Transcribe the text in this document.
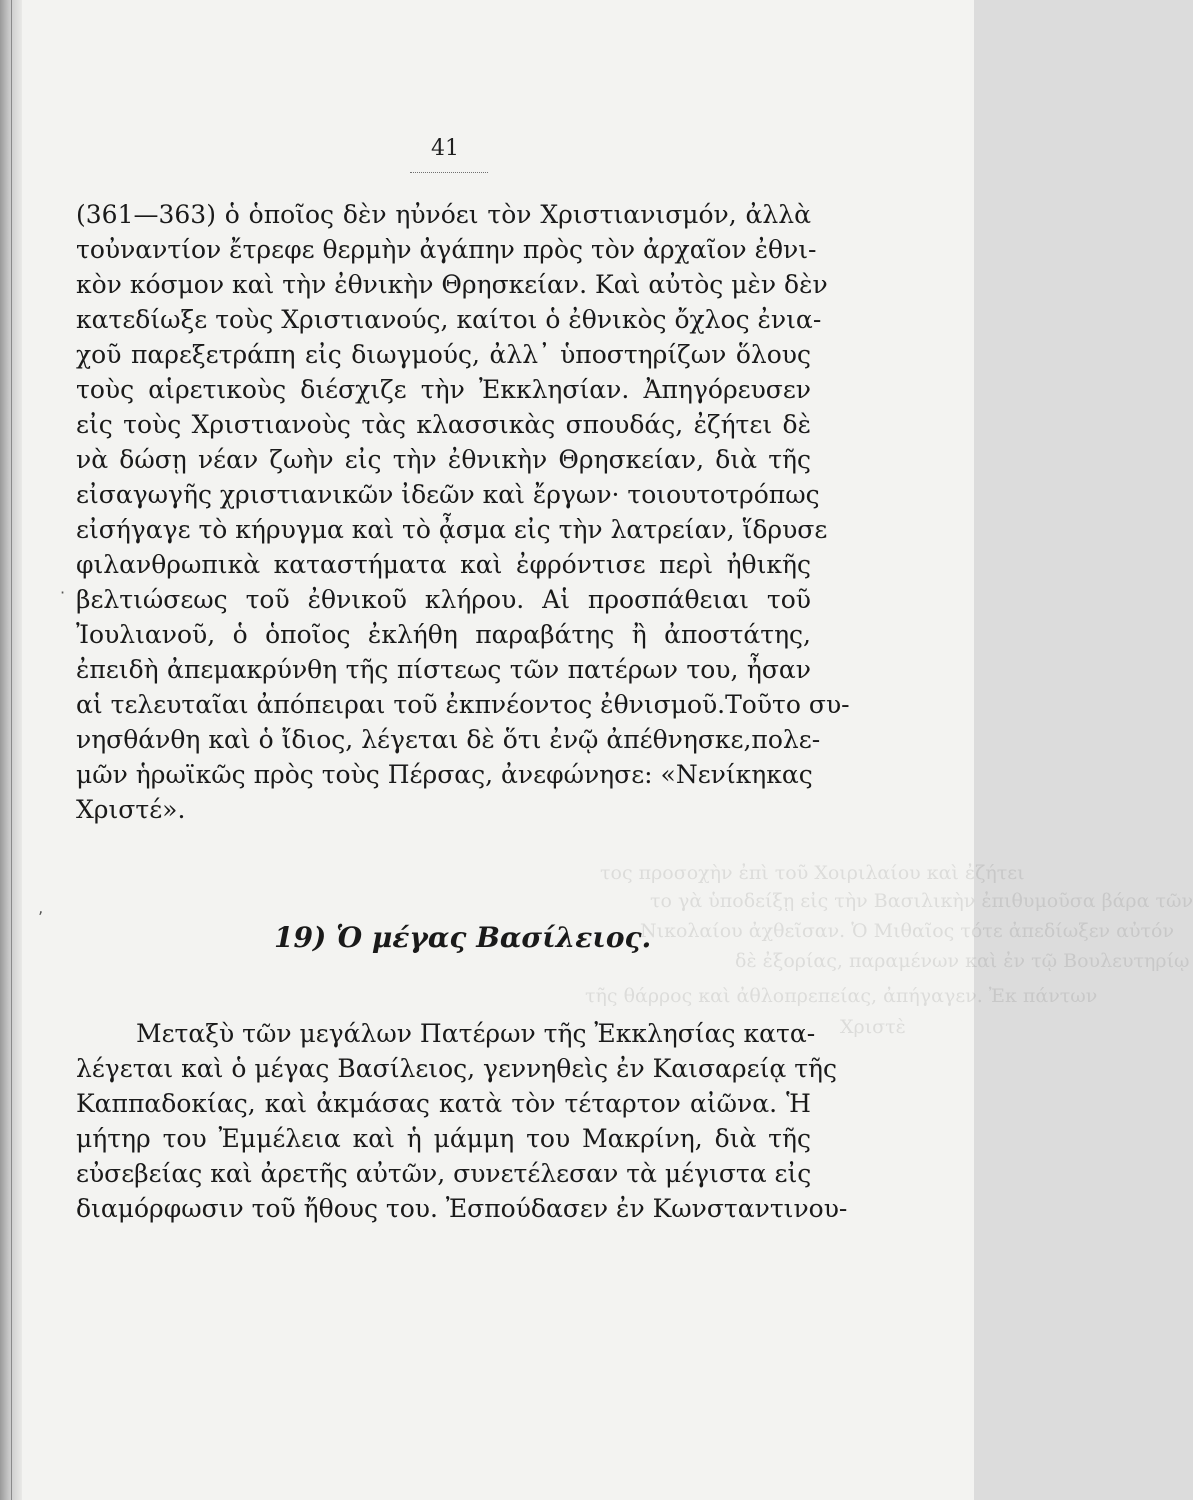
τος προσοχὴν ἐπὶ τοῦ Χοιριλαίου καὶ ἐζήτει
το γὰ ὑποδείξῃ εἰς τὴν Βασιλικὴν ἐπιθυμοῦσα βάρα τῶν
Νικολαίου ἀχθεῖσαν. Ὁ Μιθαῖος τότε ἀπεδίωξεν αὐτόν
δὲ ἐξορίας, παραμένων καὶ ἐν τῷ Βουλευτηρίῳ
τῆς θάρρος καὶ ἀθλοπρεπείας, ἀπήγαγεν. Ἐκ πάντων
Χριστὲ
41
·
ʼ
(361—363) ὁ ὁποῖος δὲν ηὐνόει τὸν Χριστιανισμόν, ἀλλὰ
τοὐναντίον ἔτρεφε θερμὴν ἀγάπην πρὸς τὸν ἀρχαῖον ἐθνι-
κὸν κόσμον καὶ τὴν ἐθνικὴν Θρησκείαν. Καὶ αὐτὸς μὲν δὲν
κατεδίωξε τοὺς Χριστιανούς, καίτοι ὁ ἐθνικὸς ὄχλος ἐνια-
χοῦ παρεξετράπη εἰς διωγμούς, ἀλλ᾽ ὑποστηρίζων ὅλους
τοὺς αἱρετικοὺς διέσχιζε τὴν Ἐκκλησίαν. Ἀπηγόρευσεν
εἰς τοὺς Χριστιανοὺς τὰς κλασσικὰς σπουδάς, ἐζήτει δὲ
νὰ δώσῃ νέαν ζωὴν εἰς τὴν ἐθνικὴν Θρησκείαν, διὰ τῆς
εἰσαγωγῆς χριστιανικῶν ἰδεῶν καὶ ἔργων· τοιουτοτρόπως
εἰσήγαγε τὸ κήρυγμα καὶ τὸ ᾆσμα εἰς τὴν λατρείαν, ἵδρυσε
φιλανθρωπικὰ καταστήματα καὶ ἐφρόντισε περὶ ἠθικῆς
βελτιώσεως τοῦ ἐθνικοῦ κλήρου. Αἱ προσπάθειαι τοῦ
Ἰουλιανοῦ, ὁ ὁποῖος ἐκλήθη παραβάτης ἢ ἀποστάτης,
ἐπειδὴ ἀπεμακρύνθη τῆς πίστεως τῶν πατέρων του, ἦσαν
αἱ τελευταῖαι ἀπόπειραι τοῦ ἐκπνέοντος ἐθνισμοῦ.Τοῦτο συ-
νησθάνθη καὶ ὁ ἴδιος, λέγεται δὲ ὅτι ἐνῷ ἀπέθνησκε,πολε-
μῶν ἡρωϊκῶς πρὸς τοὺς Πέρσας, ἀνεφώνησε: «Νενίκηκας
Χριστέ».
19) Ὁ μέγας Βασίλειος.
Μεταξὺ τῶν μεγάλων Πατέρων τῆς Ἐκκλησίας κατα-
λέγεται καὶ ὁ μέγας Βασίλειος, γεννηθεὶς ἐν Καισαρείᾳ τῆς
Καππαδοκίας, καὶ ἀκμάσας κατὰ τὸν τέταρτον αἰῶνα. Ἡ
μήτηρ του Ἐμμέλεια καὶ ἡ μάμμη του Μακρίνη, διὰ τῆς
εὐσεβείας καὶ ἀρετῆς αὐτῶν, συνετέλεσαν τὰ μέγιστα εἰς
διαμόρφωσιν τοῦ ἤθους του. Ἐσπούδασεν ἐν Κωνσταντινου-
